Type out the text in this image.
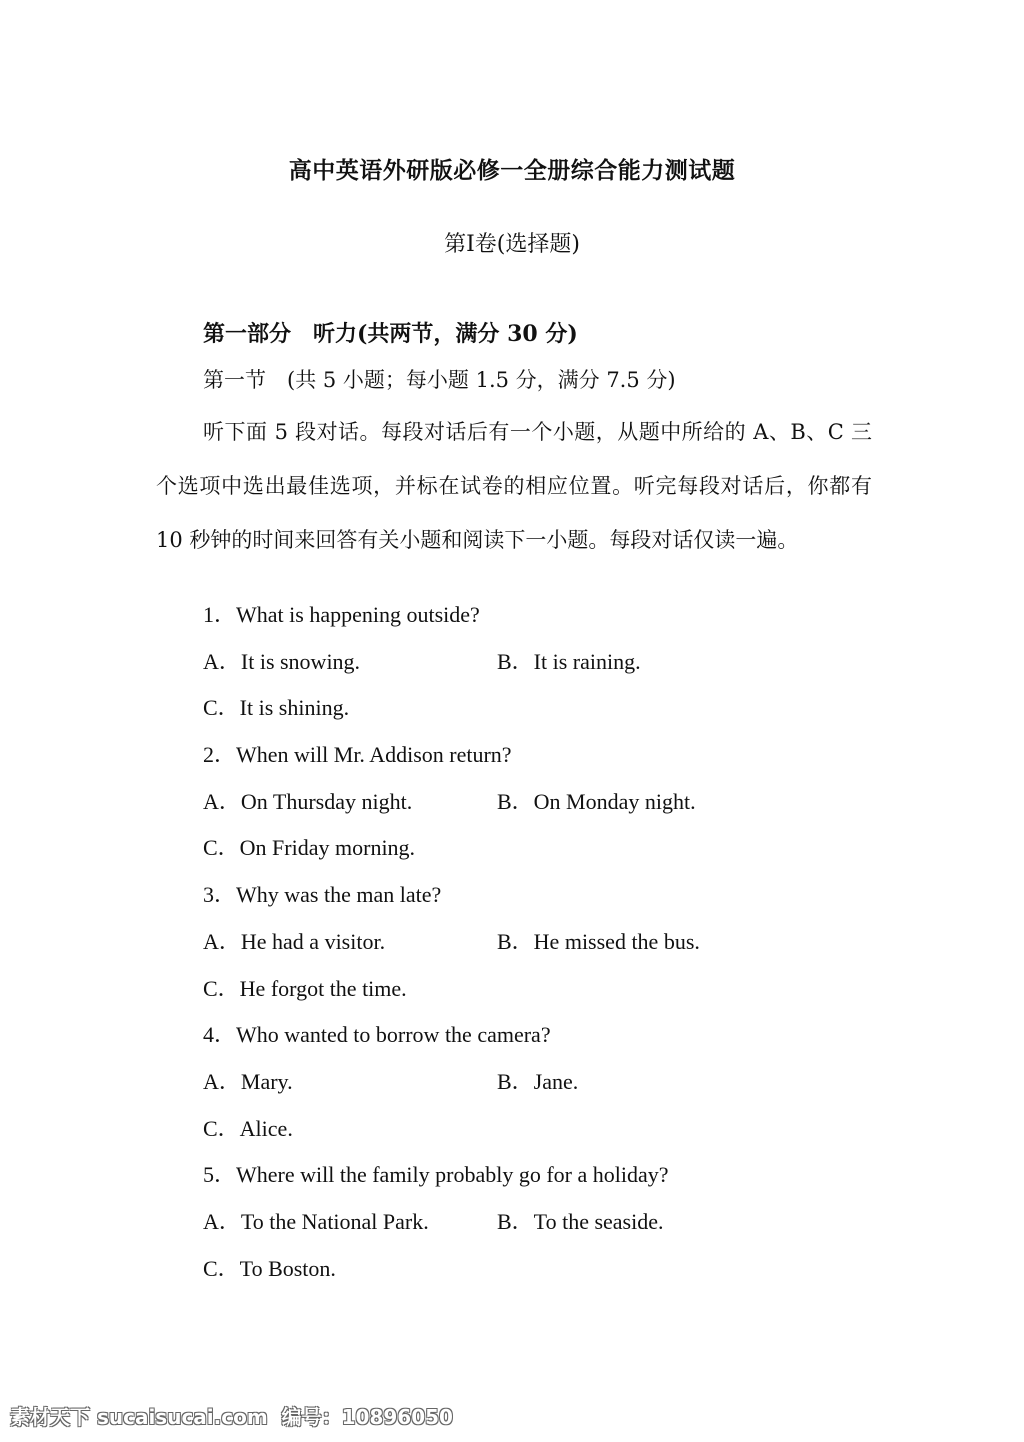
高中英语外研版必修一全册综合能力测试题
第Ⅰ卷(选择题)
第一部分　听力(共两节，满分 30 分)
第一节　(共 5 小题；每小题 1.5 分，满分 7.5 分)

听下面 5 段对话。每段对话后有一个小题，从题中所给的 A、B、C 三个选项中选出最佳选项，并标在试卷的相应位置。听完每段对话后，你都有 10 秒钟的时间来回答有关小题和阅读下一小题。每段对话仅读一遍。

1．What is happening outside?
A．It is snowing.	B．It is raining.
C．It is shining.
2．When will Mr. Addison return?
A．On Thursday night.	B．On Monday night.
C．On Friday morning.
3．Why was the man late?
A．He had a visitor.	B．He missed the bus.
C．He forgot the time.
4．Who wanted to borrow the camera?
A．Mary.	B．Jane.
C．Alice.
5．Where will the family probably go for a holiday?
A．To the National Park.	B．To the seaside.
C．To Boston.
素材天下 sucaisucai.com  编号：10896050
